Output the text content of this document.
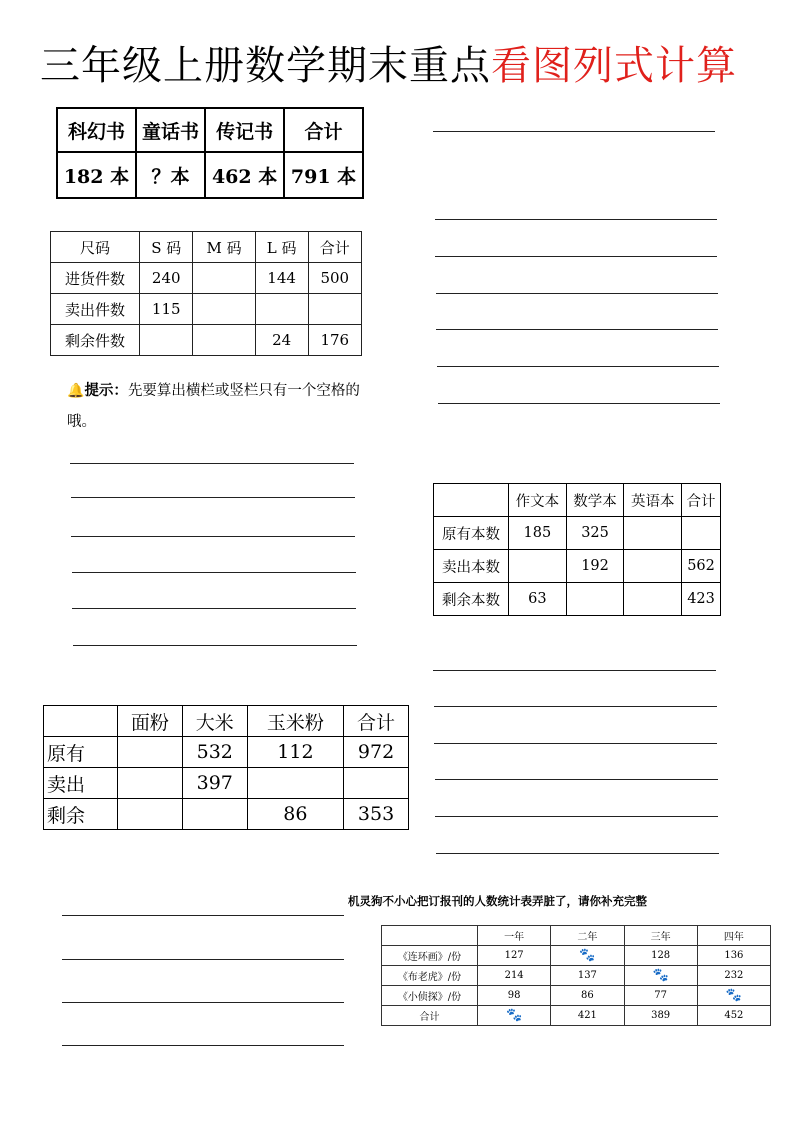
三年级上册数学期末重点看图列式计算
科幻书	童话书	传记书	合计
182 本	？本	462 本	791 本
尺码	S 码	M 码	L 码	合计
进货件数	240		144	500
卖出件数	115			
剩余件数			24	176
🔔提示：先要算出横栏或竖栏只有一个空格的哦。
	作文本	数学本	英语本	合计
原有本数	185	325		
卖出本数		192		562
剩余本数	63			423
	面粉	大米	玉米粉	合计
原有		532	112	972
卖出		397		
剩余			86	353
机灵狗不小心把订报刊的人数统计表弄脏了，请你补充完整
	一年	二年	三年	四年
《连环画》/份	127	🐾	128	136
《布老虎》/份	214	137	🐾	232
《小侦探》/份	98	86	77	🐾
合计	🐾	421	389	452
